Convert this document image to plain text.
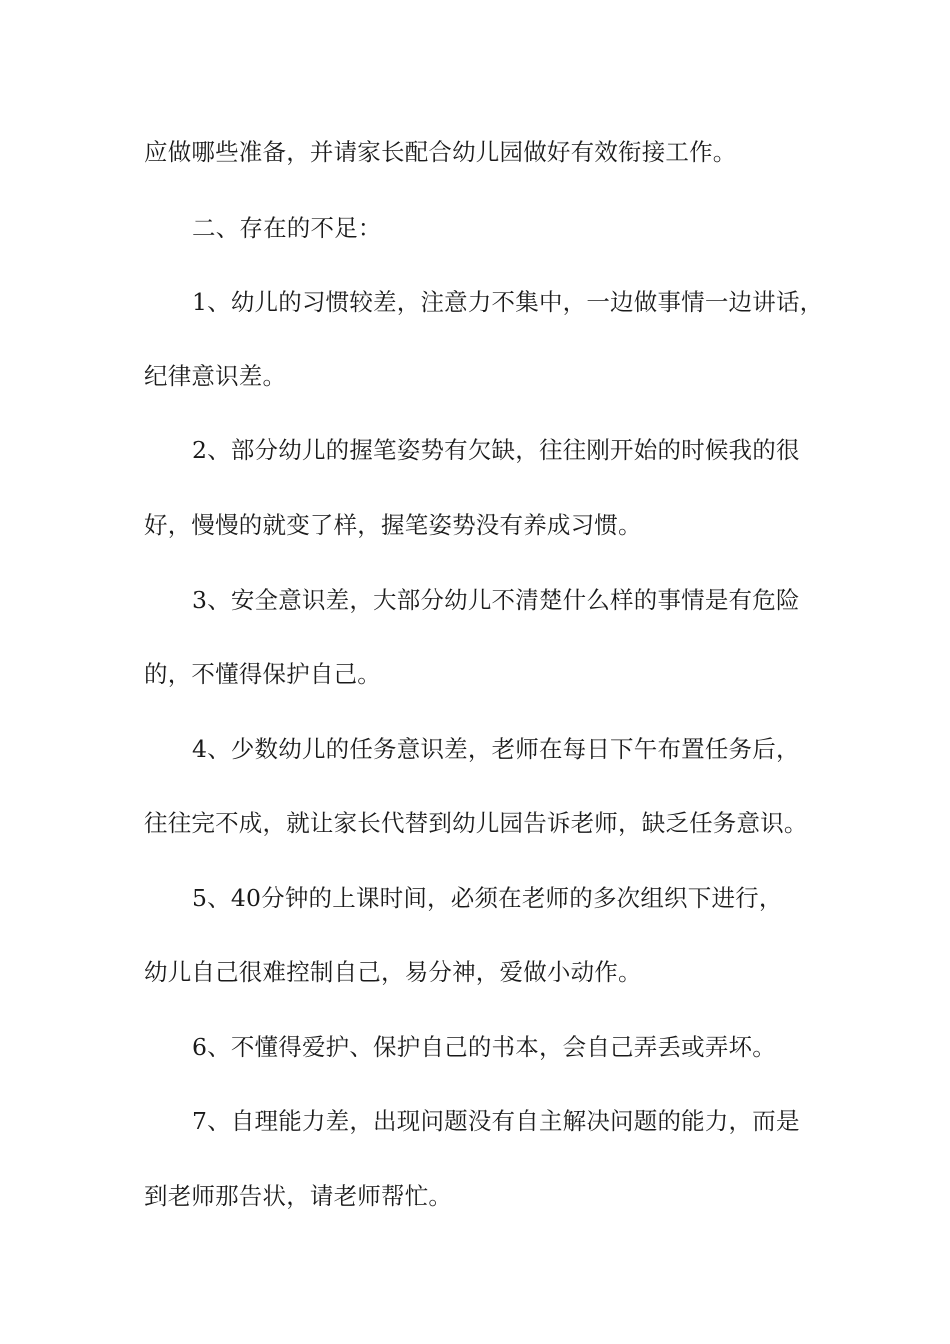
应做哪些准备，并请家长配合幼儿园做好有效衔接工作。
二、存在的不足：
1、幼儿的习惯较差，注意力不集中，一边做事情一边讲话，
纪律意识差。
2、部分幼儿的握笔姿势有欠缺，往往刚开始的时候我的很
好，慢慢的就变了样，握笔姿势没有养成习惯。
3、安全意识差，大部分幼儿不清楚什么样的事情是有危险
的，不懂得保护自己。
4、少数幼儿的任务意识差，老师在每日下午布置任务后，
往往完不成，就让家长代替到幼儿园告诉老师，缺乏任务意识。
5、40分钟的上课时间，必须在老师的多次组织下进行，
幼儿自己很难控制自己，易分神，爱做小动作。
6、不懂得爱护、保护自己的书本，会自己弄丢或弄坏。
7、自理能力差，出现问题没有自主解决问题的能力，而是
到老师那告状，请老师帮忙。
